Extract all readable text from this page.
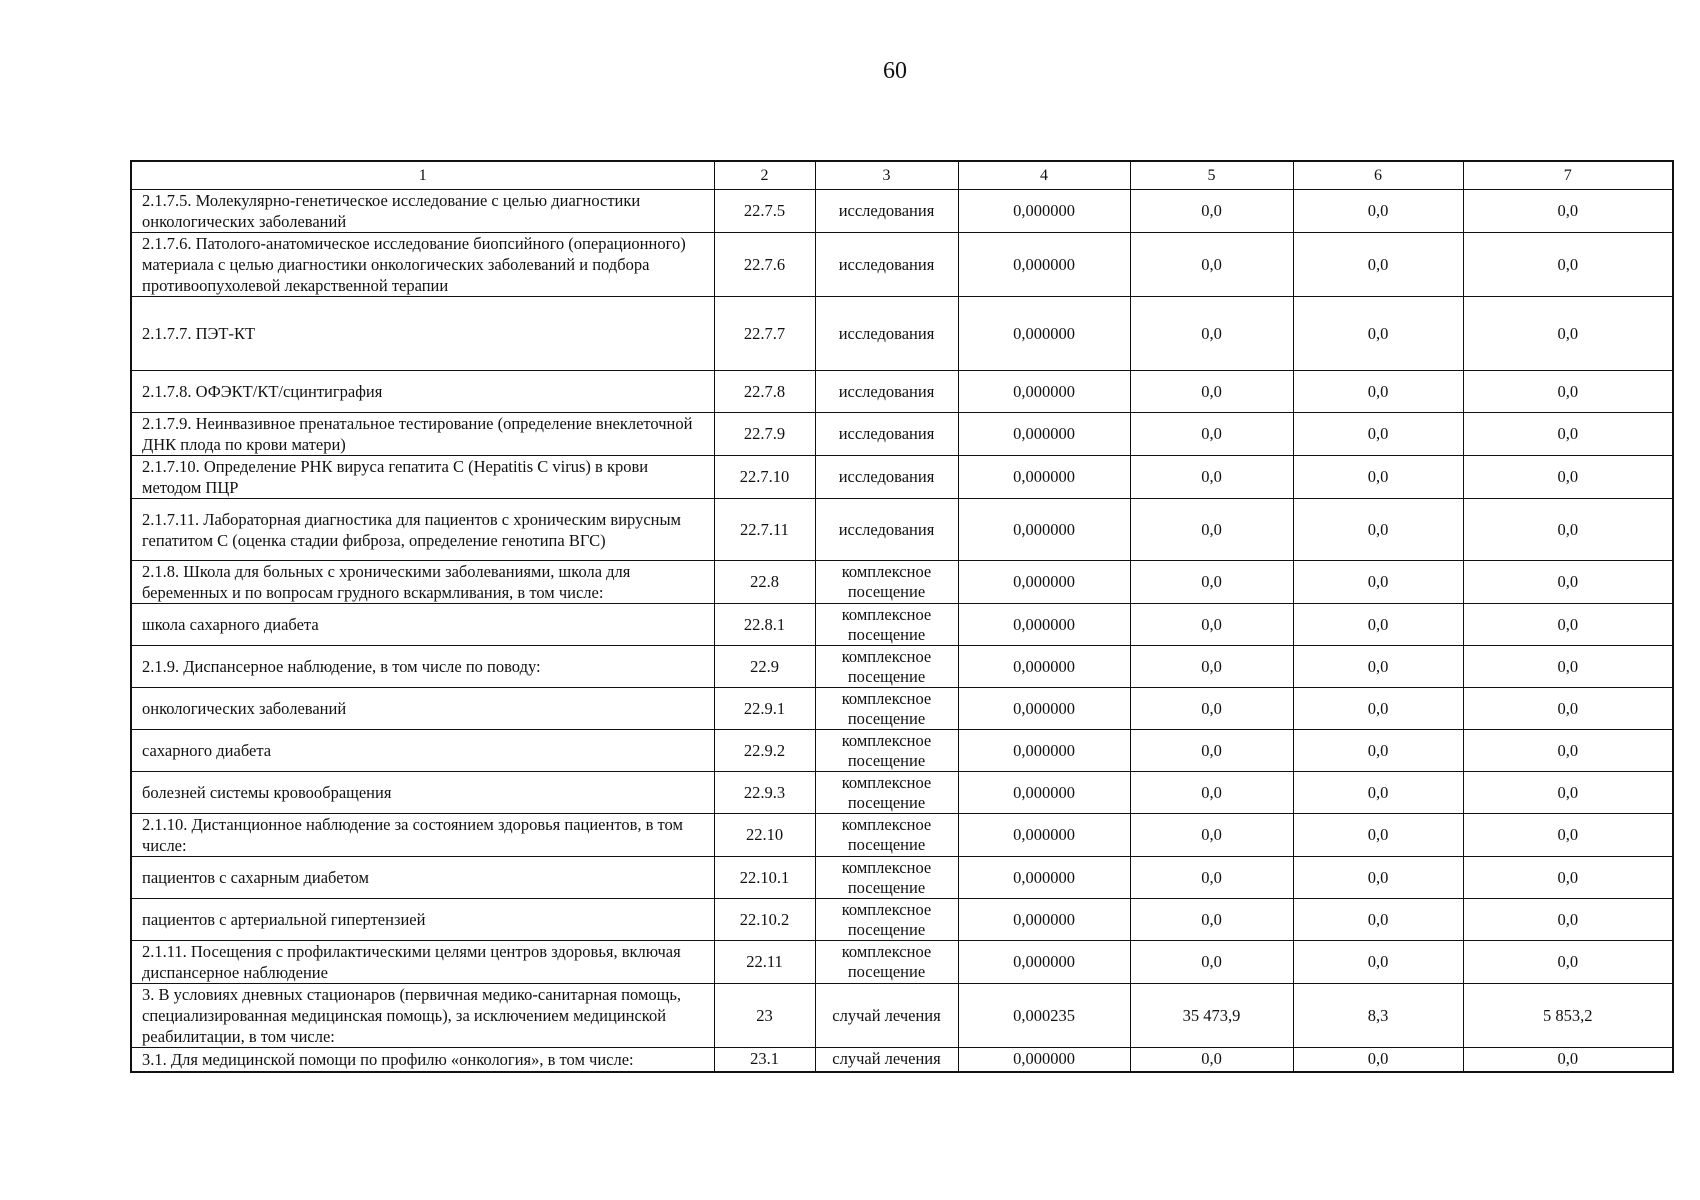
60
1	2	3	4	5	6	7
2.1.7.5. Молекулярно-генетическое исследование с целью диагностики онкологических заболеваний	22.7.5	исследования	0,000000	0,0	0,0	0,0
2.1.7.6. Патолого-анатомическое исследование биопсийного (операционного) материала с целью диагностики онкологических заболеваний и подбора противоопухолевой лекарственной терапии	22.7.6	исследования	0,000000	0,0	0,0	0,0
2.1.7.7. ПЭТ-КТ	22.7.7	исследования	0,000000	0,0	0,0	0,0
2.1.7.8. ОФЭКТ/КТ/сцинтиграфия	22.7.8	исследования	0,000000	0,0	0,0	0,0
2.1.7.9. Неинвазивное пренатальное тестирование (определение внеклеточной ДНК плода по крови матери)	22.7.9	исследования	0,000000	0,0	0,0	0,0
2.1.7.10. Определение РНК вируса гепатита С (Hepatitis C virus) в крови методом ПЦР	22.7.10	исследования	0,000000	0,0	0,0	0,0
2.1.7.11. Лабораторная диагностика для пациентов с хроническим вирусным гепатитом С (оценка стадии фиброза, определение генотипа ВГС)	22.7.11	исследования	0,000000	0,0	0,0	0,0
2.1.8. Школа для больных с хроническими заболеваниями, школа для беременных и по вопросам грудного вскармливания, в том числе:	22.8	комплексное посещение	0,000000	0,0	0,0	0,0
школа сахарного диабета	22.8.1	комплексное посещение	0,000000	0,0	0,0	0,0
2.1.9. Диспансерное наблюдение, в том числе по поводу:	22.9	комплексное посещение	0,000000	0,0	0,0	0,0
онкологических заболеваний	22.9.1	комплексное посещение	0,000000	0,0	0,0	0,0
сахарного диабета	22.9.2	комплексное посещение	0,000000	0,0	0,0	0,0
болезней системы кровообращения	22.9.3	комплексное посещение	0,000000	0,0	0,0	0,0
2.1.10. Дистанционное наблюдение за состоянием здоровья пациентов, в том числе:	22.10	комплексное посещение	0,000000	0,0	0,0	0,0
пациентов с сахарным диабетом	22.10.1	комплексное посещение	0,000000	0,0	0,0	0,0
пациентов с артериальной гипертензией	22.10.2	комплексное посещение	0,000000	0,0	0,0	0,0
2.1.11. Посещения с профилактическими целями центров здоровья, включая диспансерное наблюдение	22.11	комплексное посещение	0,000000	0,0	0,0	0,0
3. В условиях дневных стационаров (первичная медико-санитарная помощь, специализированная медицинская помощь), за исключением медицинской реабилитации, в том числе:	23	случай лечения	0,000235	35 473,9	8,3	5 853,2
3.1. Для медицинской помощи по профилю «онкология», в том числе:	23.1	случай лечения	0,000000	0,0	0,0	0,0
